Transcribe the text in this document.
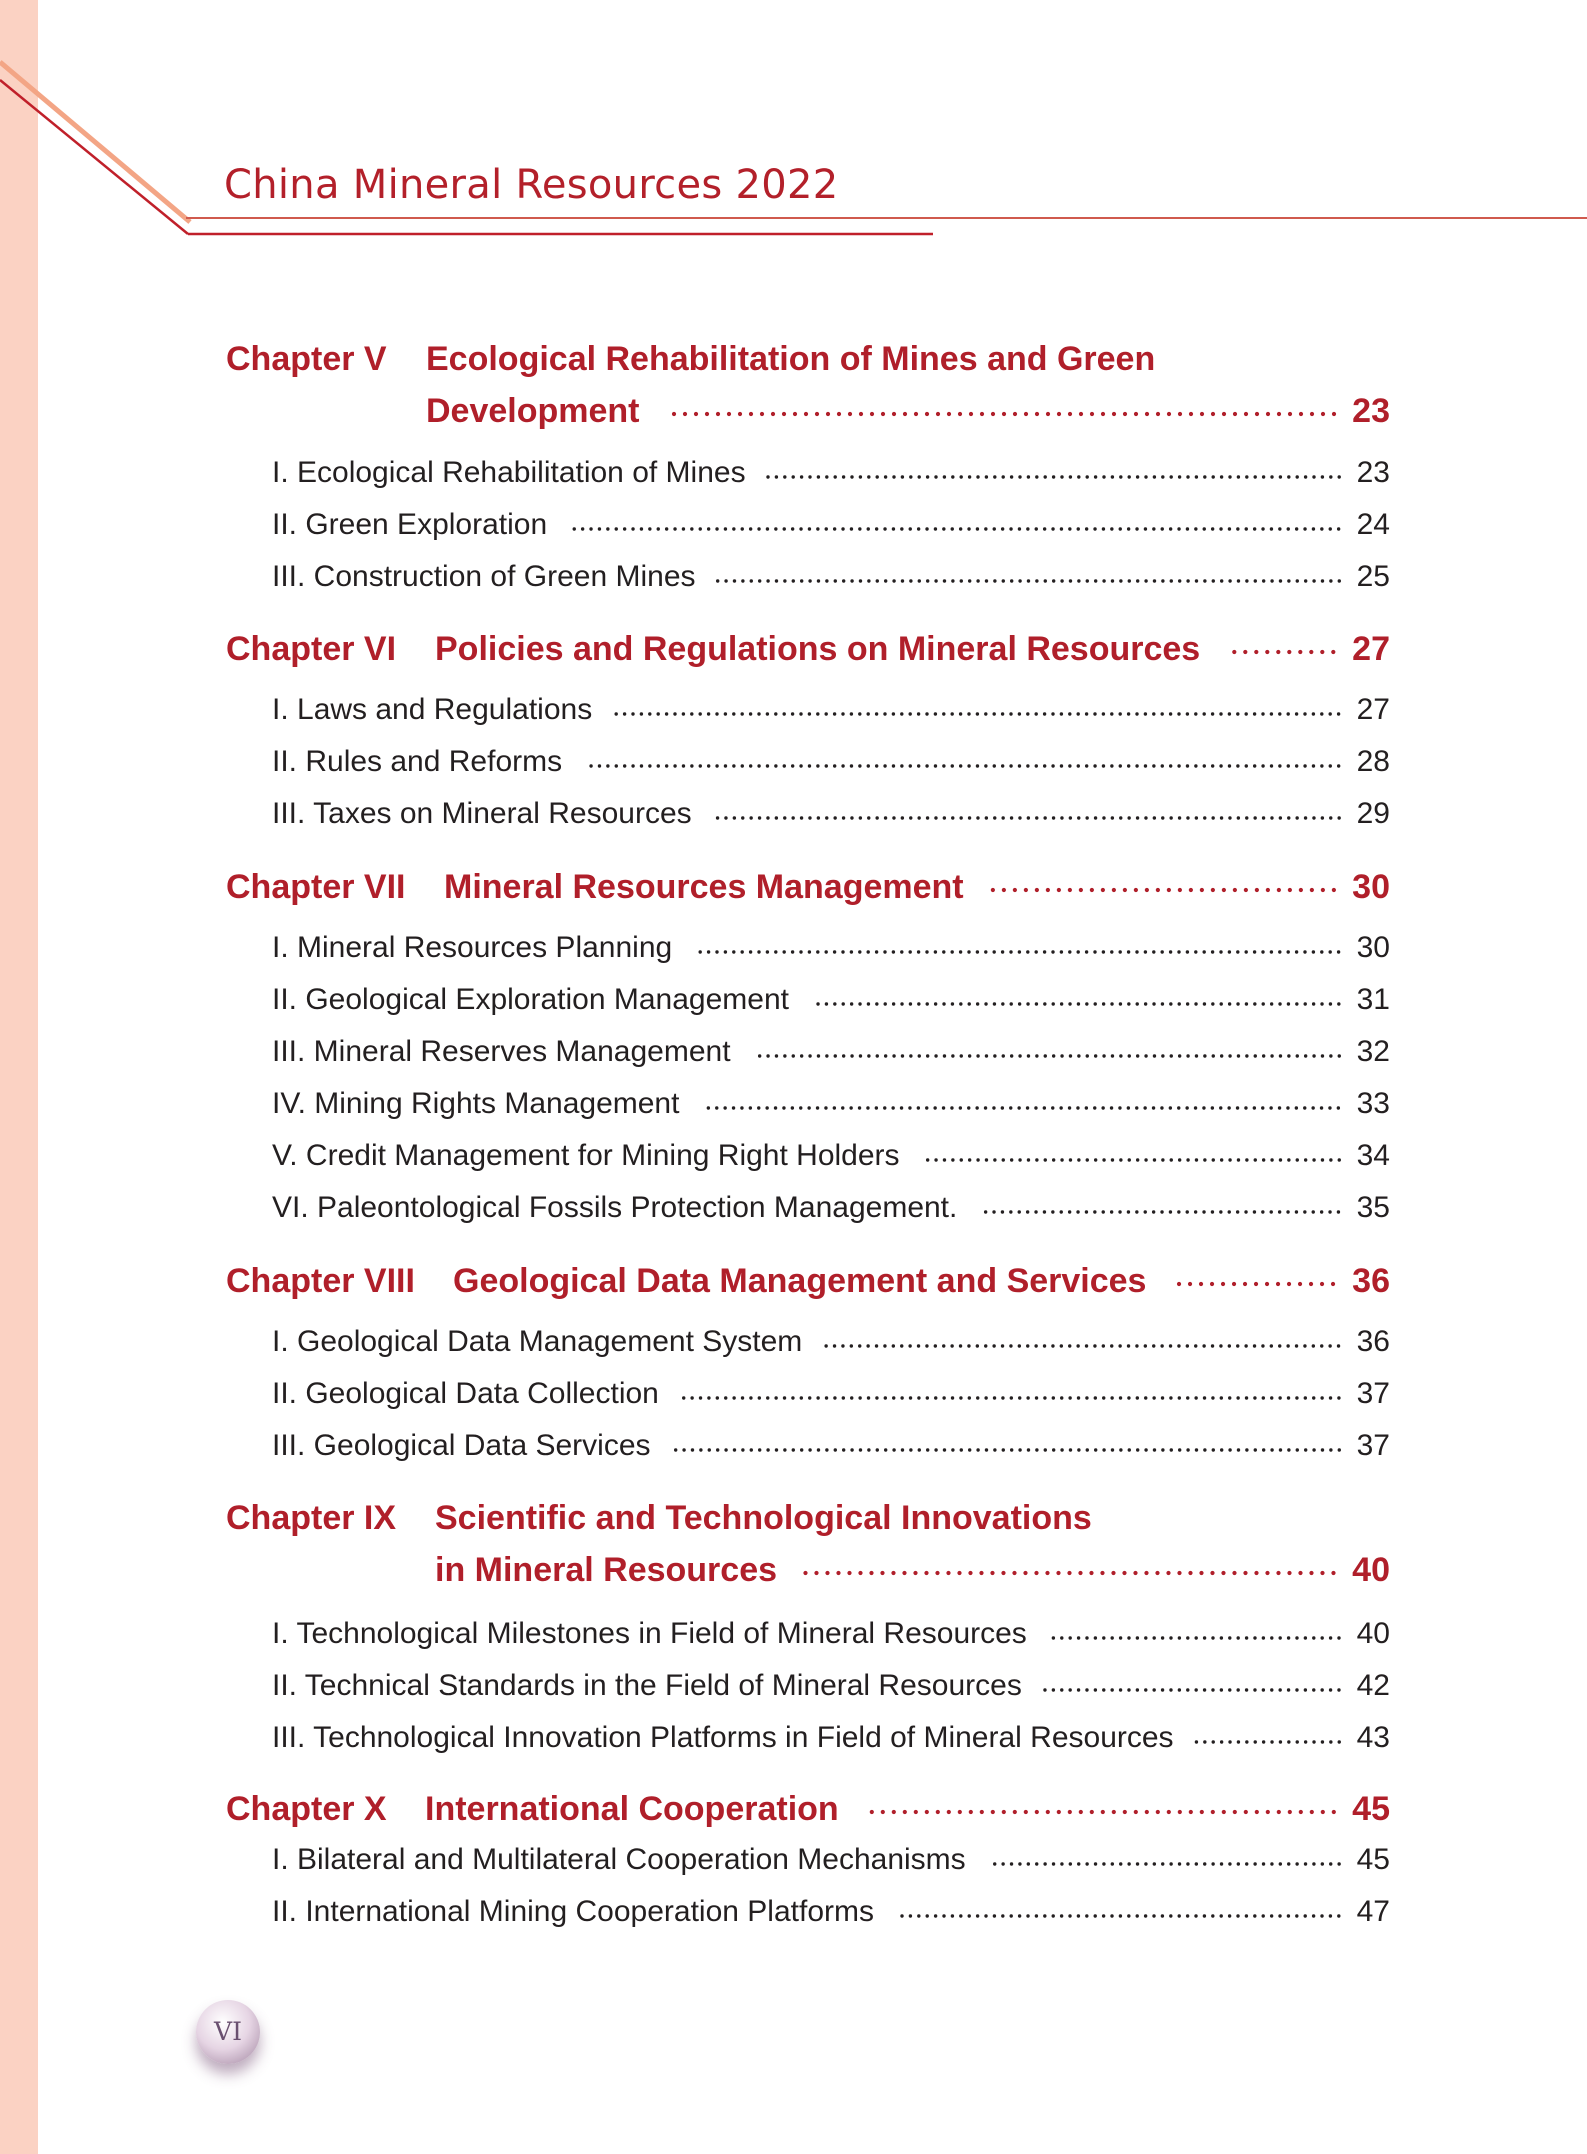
China Mineral Resources 2022
Chapter V Ecological Rehabilitation of Mines and Green
Development	23
I. Ecological Rehabilitation of Mines	23
II. Green Exploration	24
III. Construction of Green Mines	25
Chapter VI Policies and Regulations on Mineral Resources	27
I. Laws and Regulations	27
II. Rules and Reforms	28
III. Taxes on Mineral Resources	29
Chapter VII Mineral Resources Management	30
I. Mineral Resources Planning	30
II. Geological Exploration Management	31
III. Mineral Reserves Management	32
IV. Mining Rights Management	33
V. Credit Management for Mining Right Holders	34
VI. Paleontological Fossils Protection Management.	35
Chapter VIII Geological Data Management and Services	36
I. Geological Data Management System	36
II. Geological Data Collection	37
III. Geological Data Services	37
Chapter IX Scientific and Technological Innovations
in Mineral Resources	40
I. Technological Milestones in Field of Mineral Resources	40
II. Technical Standards in the Field of Mineral Resources	42
III. Technological Innovation Platforms in Field of Mineral Resources	43
Chapter X International Cooperation	45
I. Bilateral and Multilateral Cooperation Mechanisms	45
II. International Mining Cooperation Platforms	47
VI
